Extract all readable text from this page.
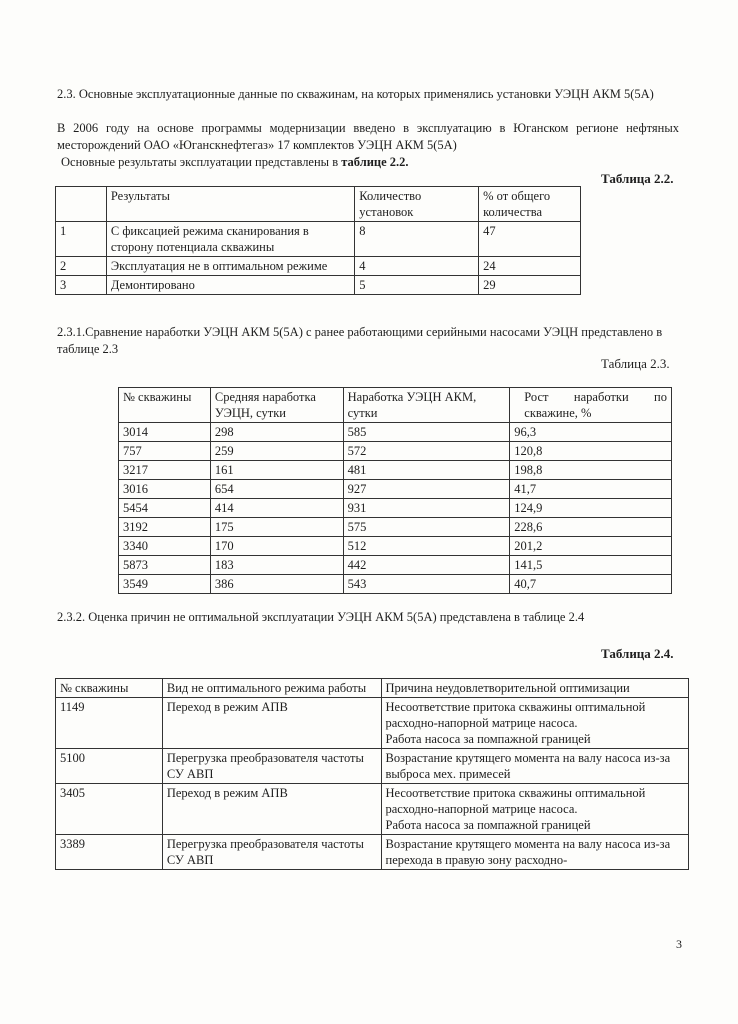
2.3. Основные эксплуатационные данные по скважинам, на которых применялись установки УЭЦН АКМ 5(5А)

В 2006 году на основе программы модернизации введено в эксплуатацию в Юганском регионе нефтяных месторождений ОАО «Юганскнефтегаз» 17 комплектов УЭЦН АКМ 5(5А)

Основные результаты эксплуатации представлены в таблице 2.2.

Таблица 2.2.
	Результаты	Количество установок	% от общего количества
1	С фиксацией режима сканирования в сторону потенциала скважины	8	47
2	Эксплуатация не в оптимальном режиме	4	24
3	Демонтировано	5	29

2.3.1.Сравнение наработки УЭЦН АКМ 5(5А) с ранее работающими серийными насосами УЭЦН представлено в таблице 2.3

Таблица 2.3.
№ скважины	Средняя наработка УЭЦН, сутки	Наработка УЭЦН АКМ, сутки	Рост наработки по скважине, %
3014	298	585	96,3
757	259	572	120,8
3217	161	481	198,8
3016	654	927	41,7
5454	414	931	124,9
3192	175	575	228,6
3340	170	512	201,2
5873	183	442	141,5
3549	386	543	40,7

2.3.2. Оценка причин не оптимальной эксплуатации УЭЦН АКМ 5(5А) представлена в таблице 2.4

Таблица 2.4.
№ скважины	Вид не оптимального режима работы	Причина неудовлетворительной оптимизации
1149	Переход в режим АПВ	Несоответствие притока скважины оптимальной расходно-напорной матрице насоса.
Работа насоса за помпажной границей

5100	Перегрузка преобразователя частоты СУ АВП	Возрастание крутящего момента на валу насоса из-за выброса мех. примесей

3405	Переход в режим АПВ	Несоответствие притока скважины оптимальной расходно-напорной матрице насоса.
Работа насоса за помпажной границей

3389	Перегрузка преобразователя частоты СУ АВП	Возрастание крутящего момента на валу насоса из-за перехода в правую зону расходно-
3
